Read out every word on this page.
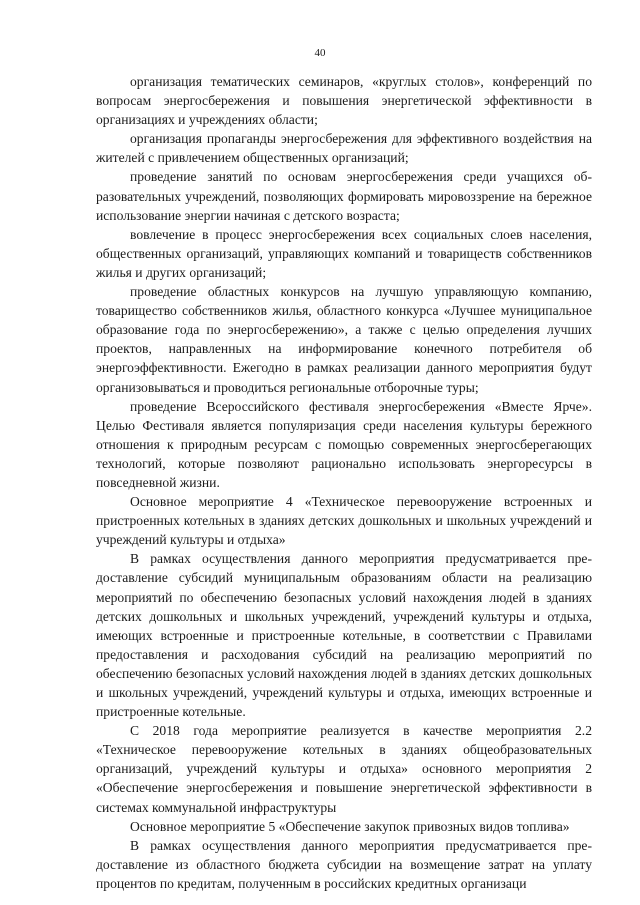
40

организация тематических семинаров, «круглых столов», конференций по вопросам энергосбережения и повышения энергетической эффективности в организациях и учреждениях области;

организация пропаганды энергосбережения для эффективного воздействия на жителей с привлечением общественных организаций;

проведение занятий по основам энергосбережения среди учащихся образовательных учреждений, позволяющих формировать мировоззрение на бережное использование энергии начиная с детского возраста;

вовлечение в процесс энергосбережения всех социальных слоев населения, общественных организаций, управляющих компаний и товариществ собственников жилья и других организаций;

проведение областных конкурсов на лучшую управляющую компанию, товарищество собственников жилья, областного конкурса «Лучшее муниципальное образование года по энергосбережению», а также с целью определения лучших проектов, направленных на информирование конечного потребителя об энергоэффективности. Ежегодно в рамках реализации данного мероприятия будут организовываться и проводиться региональные отборочные туры;

проведение Всероссийского фестиваля энергосбережения «Вместе Ярче». Целью Фестиваля является популяризация среди населения культуры бережного отношения к природным ресурсам с помощью современных энергосберегающих технологий, которые позволяют рационально использовать энергоресурсы в повседневной жизни.

Основное мероприятие 4 «Техническое перевооружение встроенных и пристроенных котельных в зданиях детских дошкольных и школьных учреждений и учреждений культуры и отдыха»

В рамках осуществления данного мероприятия предусматривается предоставление субсидий муниципальным образованиям области на реализацию мероприятий по обеспечению безопасных условий нахождения людей в зданиях детских дошкольных и школьных учреждений, учреждений культуры и отдыха, имеющих встроенные и пристроенные котельные, в соответствии с Правилами предоставления и расходования субсидий на реализацию мероприятий по обеспечению безопасных условий нахождения людей в зданиях детских дошкольных и школьных учреждений, учреждений культуры и отдыха, имеющих встроенные и пристроенные котельные.

С 2018 года мероприятие реализуется в качестве мероприятия 2.2 «Техническое перевооружение котельных в зданиях общеобразовательных организаций, учреждений культуры и отдыха» основного мероприятия 2 «Обеспечение энергосбережения и повышение энергетической эффективности в системах коммунальной инфраструктуры

Основное мероприятие 5 «Обеспечение закупок привозных видов топлива»

В рамках осуществления данного мероприятия предусматривается предоставление из областного бюджета субсидии на возмещение затрат на уплату процентов по кредитам, полученным в российских кредитных организаци
